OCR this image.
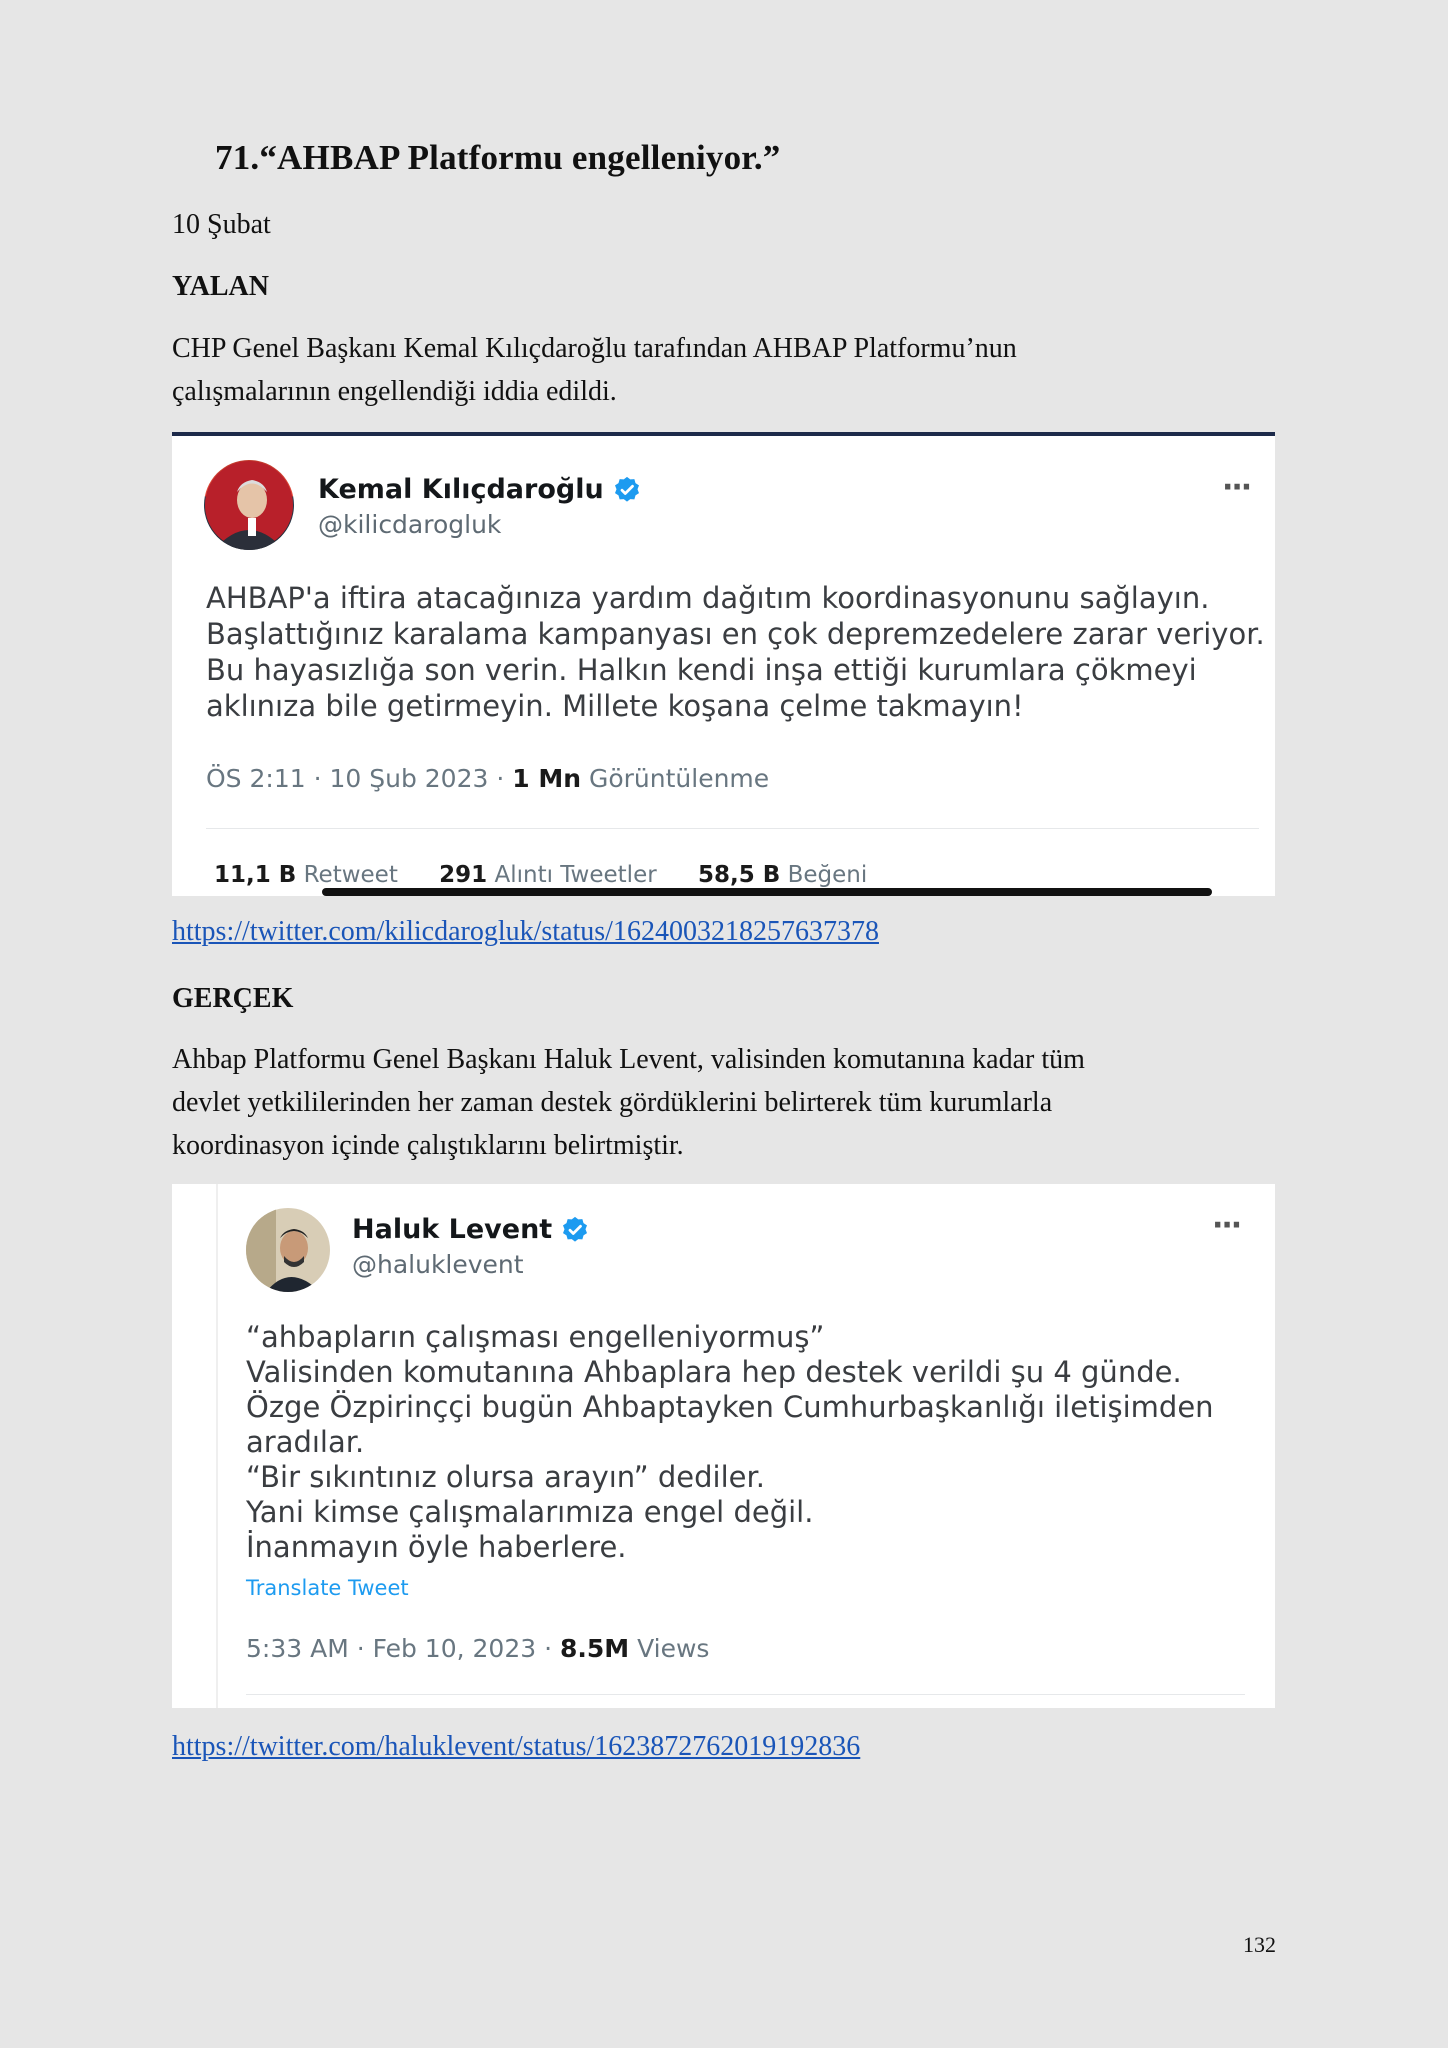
71.“AHBAP Platformu engelleniyor.”
10 Şubat
YALAN
CHP Genel Başkanı Kemal Kılıçdaroğlu tarafından AHBAP Platformu’nun
çalışmalarının engellendiği iddia edildi.
Kemal Kılıçdaroğlu
@kilicdarogluk
···
AHBAP'a iftira atacağınıza yardım dağıtım koordinasyonunu sağlayın.
Başlattığınız karalama kampanyası en çok depremzedelere zarar veriyor.
Bu hayasızlığa son verin. Halkın kendi inşa ettiği kurumlara çökmeyi
aklınıza bile getirmeyin. Millete koşana çelme takmayın!
ÖS 2:11 · 10 Şub 2023 · 1 Mn Görüntülenme
11,1 B Retweet 291 Alıntı Tweetler 58,5 B Beğeni
https://twitter.com/kilicdarogluk/status/1624003218257637378
GERÇEK
Ahbap Platformu Genel Başkanı Haluk Levent, valisinden komutanına kadar tüm
devlet yetkililerinden her zaman destek gördüklerini belirterek tüm kurumlarla
koordinasyon içinde çalıştıklarını belirtmiştir.
Haluk Levent
@haluklevent
···
“ahbapların çalışması engelleniyormuş”
Valisinden komutanına Ahbaplara hep destek verildi şu 4 günde.
Özge Özpirinççi bugün Ahbaptayken Cumhurbaşkanlığı iletişimden
aradılar.
“Bir sıkıntınız olursa arayın” dediler.
Yani kimse çalışmalarımıza engel değil.
İnanmayın öyle haberlere.
Translate Tweet
5:33 AM · Feb 10, 2023 · 8.5M Views
https://twitter.com/haluklevent/status/1623872762019192836
132
